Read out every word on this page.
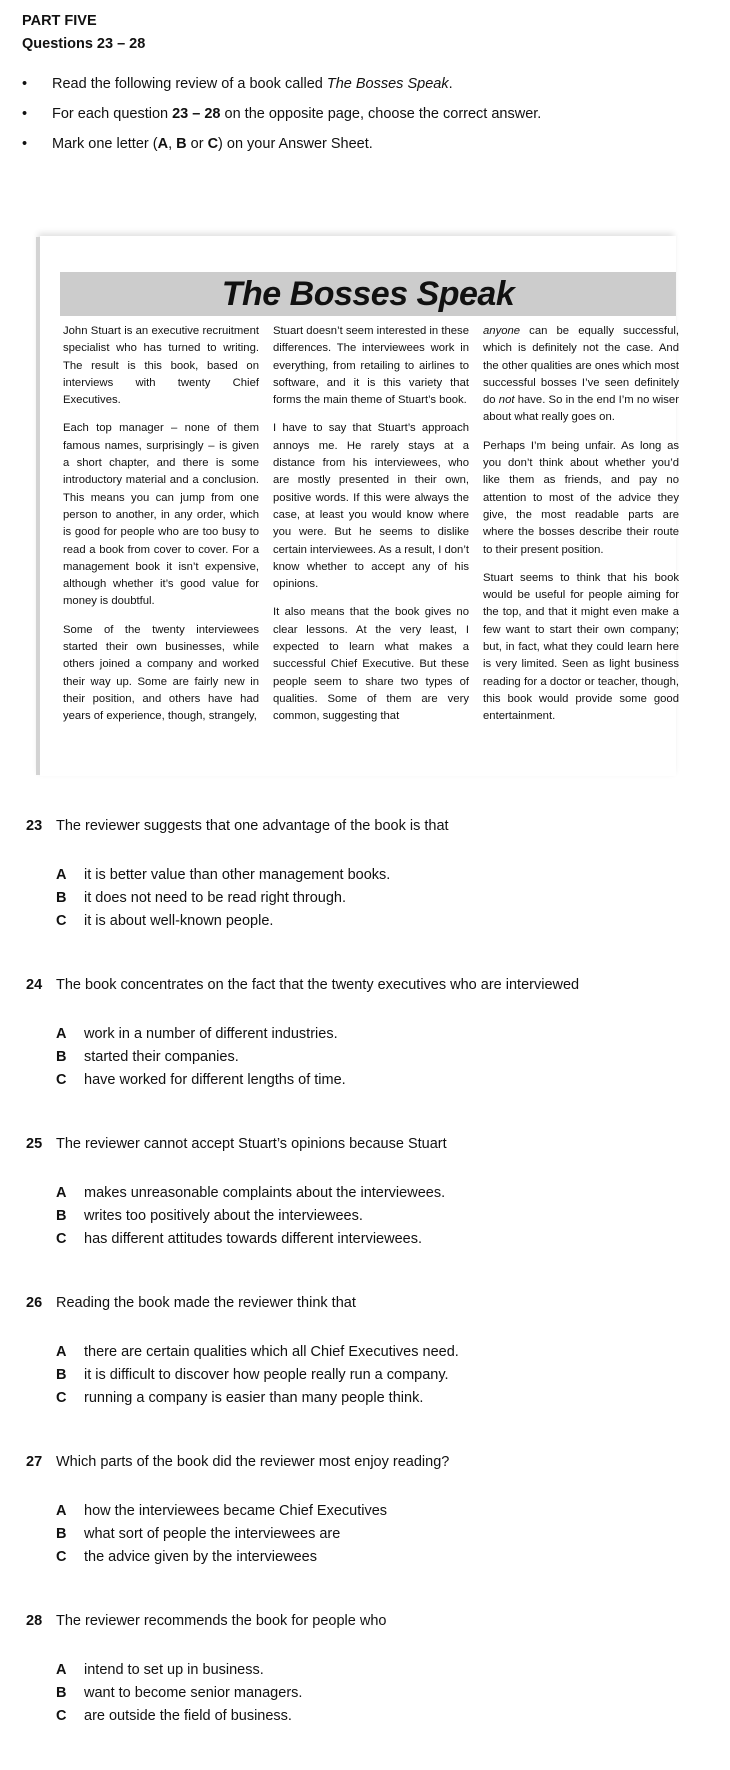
PART FIVE
Questions 23 – 28
• Read the following review of a book called The Bosses Speak.
• For each question 23 – 28 on the opposite page, choose the correct answer.
• Mark one letter (A, B or C) on your Answer Sheet.
The Bosses Speak

John Stuart is an executive recruitment specialist who has turned to writing. The result is this book, based on interviews with twenty Chief Executives.

Each top manager – none of them famous names, surprisingly – is given a short chapter, and there is some introductory material and a conclusion. This means you can jump from one person to another, in any order, which is good for people who are too busy to read a book from cover to cover. For a management book it isn’t expensive, although whether it’s good value for money is doubtful.

Some of the twenty interviewees started their own businesses, while others joined a company and worked their way up. Some are fairly new in their position, and others have had years of experience, though, strangely,

Stuart doesn’t seem interested in these differences. The interviewees work in everything, from retailing to airlines to software, and it is this variety that forms the main theme of Stuart’s book.

I have to say that Stuart’s approach annoys me. He rarely stays at a distance from his interviewees, who are mostly presented in their own, positive words. If this were always the case, at least you would know where you were. But he seems to dislike certain interviewees. As a result, I don’t know whether to accept any of his opinions.

It also means that the book gives no clear lessons. At the very least, I expected to learn what makes a successful Chief Executive. But these people seem to share two types of qualities. Some of them are very common, suggesting that

anyone can be equally successful, which is definitely not the case. And the other qualities are ones which most successful bosses I’ve seen definitely do not have. So in the end I’m no wiser about what really goes on.

Perhaps I’m being unfair. As long as you don’t think about whether you’d like them as friends, and pay no attention to most of the advice they give, the most readable parts are where the bosses describe their route to their present position.

Stuart seems to think that his book would be useful for people aiming for the top, and that it might even make a few want to start their own company; but, in fact, what they could learn here is very limited. Seen as light business reading for a doctor or teacher, though, this book would provide some good entertainment.

23 The reviewer suggests that one advantage of the book is that
A	it is better value than other management books.
B	it does not need to be read right through.
C	it is about well-known people.
24 The book concentrates on the fact that the twenty executives who are interviewed
A	work in a number of different industries.
B	started their companies.
C	have worked for different lengths of time.
25 The reviewer cannot accept Stuart’s opinions because Stuart
A	makes unreasonable complaints about the interviewees.
B	writes too positively about the interviewees.
C	has different attitudes towards different interviewees.
26 Reading the book made the reviewer think that
A	there are certain qualities which all Chief Executives need.
B	it is difficult to discover how people really run a company.
C	running a company is easier than many people think.
27 Which parts of the book did the reviewer most enjoy reading?
A	how the interviewees became Chief Executives
B	what sort of people the interviewees are
C	the advice given by the interviewees
28 The reviewer recommends the book for people who
A	intend to set up in business.
B	want to become senior managers.
C	are outside the field of business.
